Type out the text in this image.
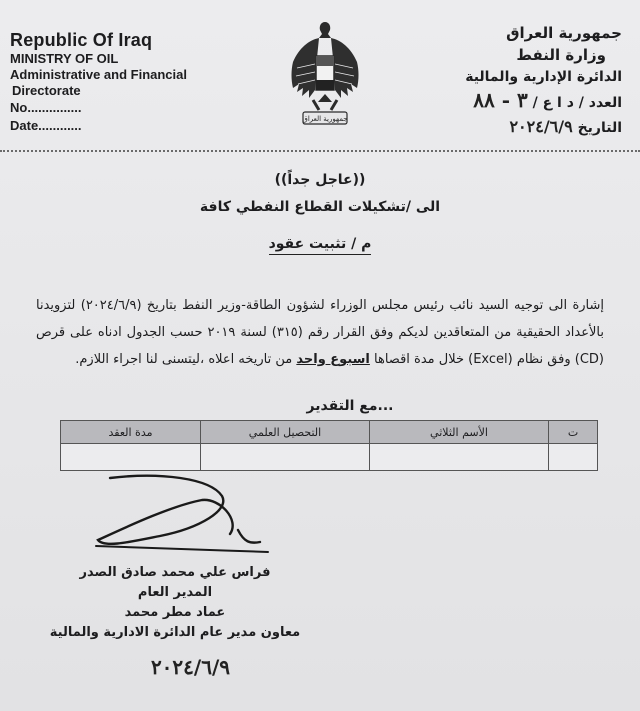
Republic Of Iraq
MINISTRY OF OIL
Administrative and Financial
Directorate
No...............
Date............	جمهورية العراق
جمهورية العراق
وزارة النفط
الدائرة الإدارية والمالية
العدد / د ا ع / ٣ - ٨٨
التاريخ ٢٠٢٤/٦/٩
((عاجل جداً))
الى /تشكيلات القطاع النفطي كافة
م / تثبيت عقود
إشارة الى توجيه السيد نائب رئيس مجلس الوزراء لشؤون الطاقة-وزير النفط بتاريخ (٢٠٢٤/٦/٩) لتزويدنا بالأعداد الحقيقية من المتعاقدين لديكم وفق القرار رقم (٣١٥) لسنة ٢٠١٩ حسب الجدول ادناه على قرص (CD) وفق نظام (Excel) خلال مدة اقصاها اسبوع واحد من تاريخه اعلاه ،ليتسنى لنا اجراء اللازم.
...مع التقدير
ت	الأسم الثلاثي	التحصيل العلمي	مدة العقد

فراس علي محمد صادق الصدر
المدير العام
عماد مطر محمد
معاون مدير عام الدائرة الادارية والمالية
٢٠٢٤/٦/٩
